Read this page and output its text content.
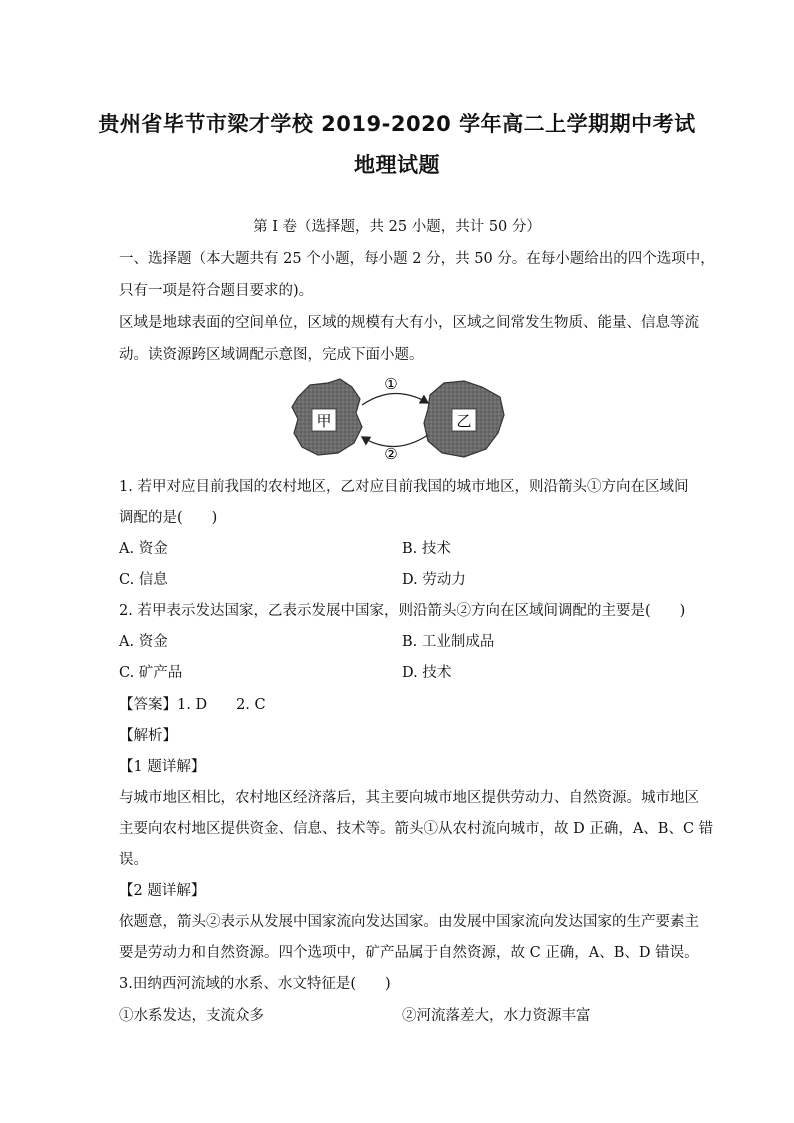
贵州省毕节市梁才学校 2019-2020 学年高二上学期期中考试
地理试题
第 I 卷（选择题，共 25 小题，共计 50 分）
一、选择题（本大题共有 25 个小题，每小题 2 分，共 50 分。在每小题给出的四个选项中，
只有一项是符合题目要求的)。
区域是地球表面的空间单位，区域的规模有大有小，区域之间常发生物质、能量、信息等流
动。读资源跨区域调配示意图，完成下面小题。
甲	乙
①
②
1. 若甲对应目前我国的农村地区，乙对应目前我国的城市地区，则沿箭头①方向在区域间
调配的是(　　)
A. 资金	B. 技术
C. 信息	D. 劳动力
2. 若甲表示发达国家，乙表示发展中国家，则沿箭头②方向在区域间调配的主要是(　　)
A. 资金	B. 工业制成品
C. 矿产品	D. 技术
【答案】1. D　　2. C
【解析】
【1 题详解】
与城市地区相比，农村地区经济落后，其主要向城市地区提供劳动力、自然资源。城市地区
主要向农村地区提供资金、信息、技术等。箭头①从农村流向城市，故 D 正确，A、B、C 错
误。
【2 题详解】
依题意，箭头②表示从发展中国家流向发达国家。由发展中国家流向发达国家的生产要素主
要是劳动力和自然资源。四个选项中，矿产品属于自然资源，故 C 正确，A、B、D 错误。
3.田纳西河流域的水系、水文特征是(　　)
①水系发达，支流众多	②河流落差大，水力资源丰富
